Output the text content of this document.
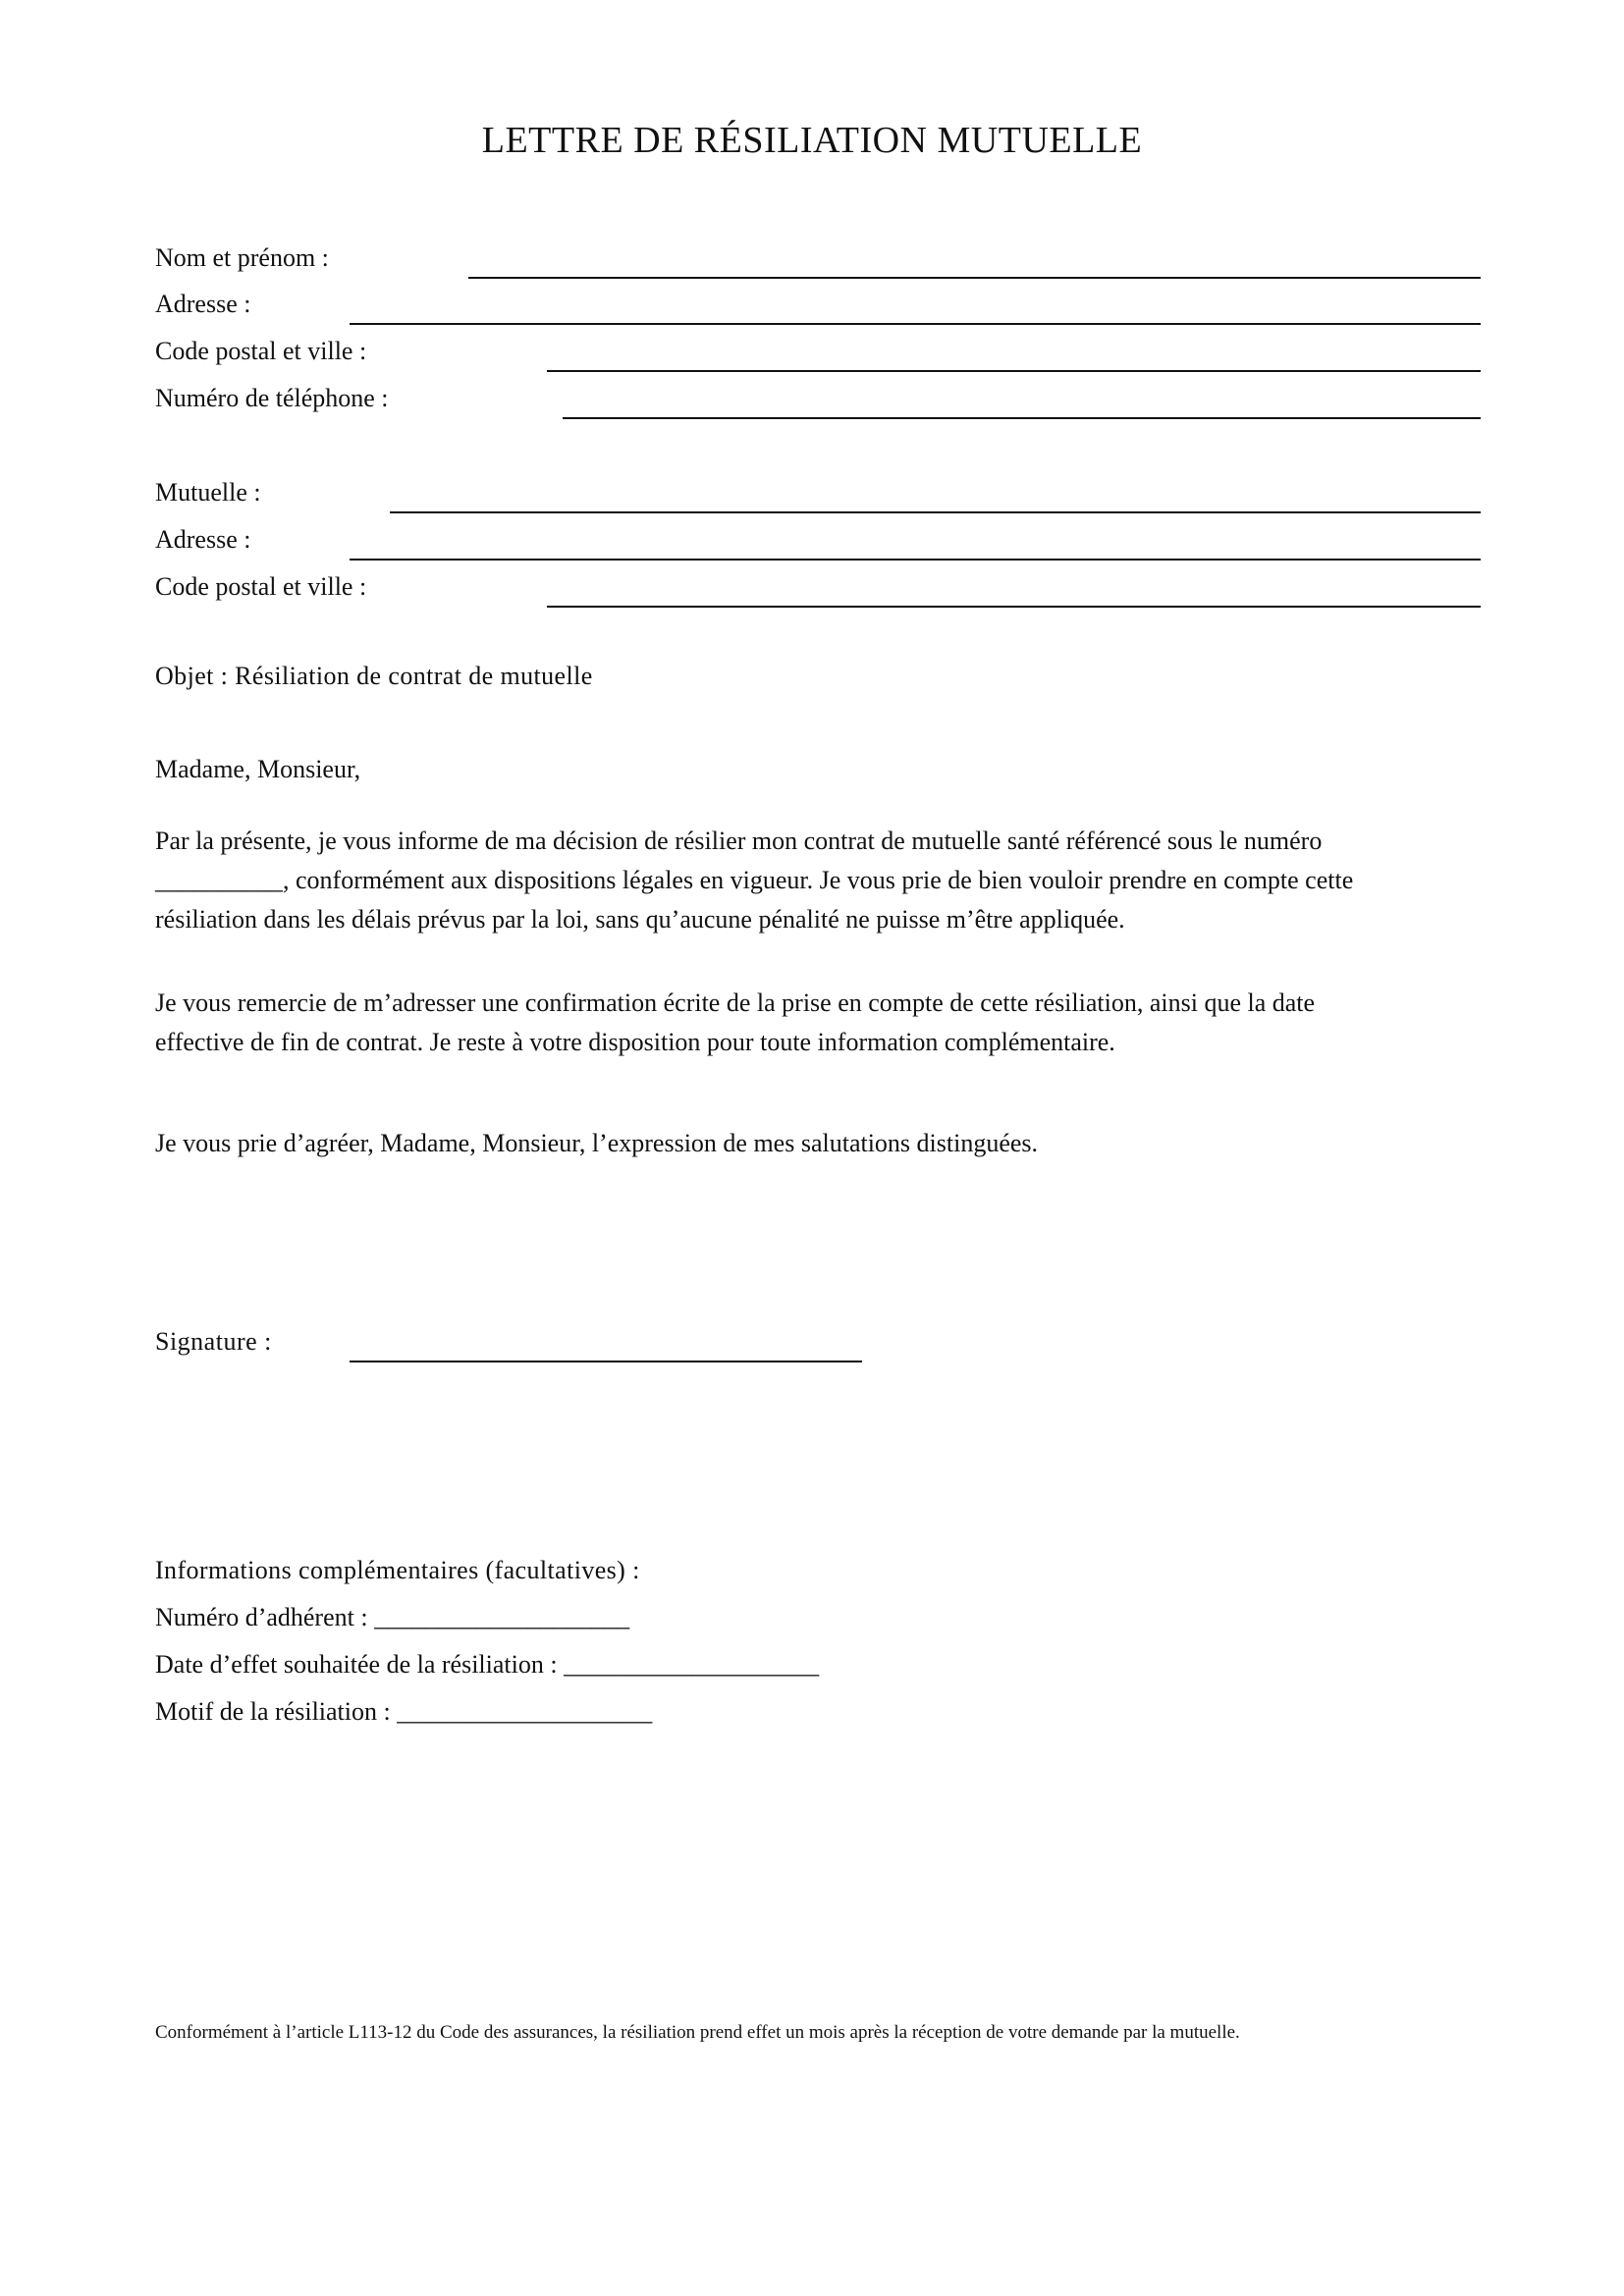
LETTRE DE RÉSILIATION MUTUELLE
Nom et prénom :
Adresse :
Code postal et ville :
Numéro de téléphone :
Mutuelle :
Adresse :
Code postal et ville :
Objet : Résiliation de contrat de mutuelle
Madame, Monsieur,
Par la présente, je vous informe de ma décision de résilier mon contrat de mutuelle santé référencé sous le numéro
__________, conformément aux dispositions légales en vigueur. Je vous prie de bien vouloir prendre en compte cette
résiliation dans les délais prévus par la loi, sans qu’aucune pénalité ne puisse m’être appliquée.
Je vous remercie de m’adresser une confirmation écrite de la prise en compte de cette résiliation, ainsi que la date
effective de fin de contrat. Je reste à votre disposition pour toute information complémentaire.
Je vous prie d’agréer, Madame, Monsieur, l’expression de mes salutations distinguées.
Signature :
Informations complémentaires (facultatives) :
Numéro d’adhérent : ____________________
Date d’effet souhaitée de la résiliation : ____________________
Motif de la résiliation : ____________________
Conformément à l’article L113-12 du Code des assurances, la résiliation prend effet un mois après la réception de votre demande par la mutuelle.
